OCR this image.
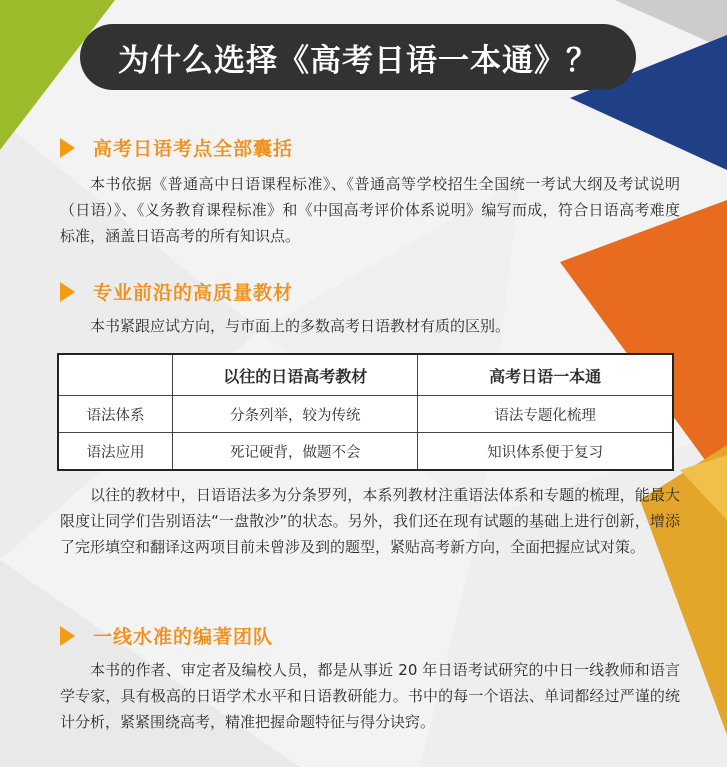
为什么选择《高考日语一本通》？
高考日语考点全部囊括
本书依据《普通高中日语课程标准》、《普通高等学校招生全国统一考试大纲及考试说明（日语）》、《义务教育课程标准》和《中国高考评价体系说明》编写而成，符合日语高考难度标准，涵盖日语高考的所有知识点。
专业前沿的高质量教材
本书紧跟应试方向，与市面上的多数高考日语教材有质的区别。
	以往的日语高考教材	高考日语一本通
语法体系	分条列举，较为传统	语法专题化梳理
语法应用	死记硬背，做题不会	知识体系便于复习
以往的教材中，日语语法多为分条罗列，本系列教材注重语法体系和专题的梳理，能最大限度让同学们告别语法“一盘散沙”的状态。另外，我们还在现有试题的基础上进行创新，增添了完形填空和翻译这两项目前未曾涉及到的题型，紧贴高考新方向，全面把握应试对策。
一线水准的编著团队
本书的作者、审定者及编校人员，都是从事近 20 年日语考试研究的中日一线教师和语言学专家，具有极高的日语学术水平和日语教研能力。书中的每一个语法、单词都经过严谨的统计分析，紧紧围绕高考，精准把握命题特征与得分诀窍。
